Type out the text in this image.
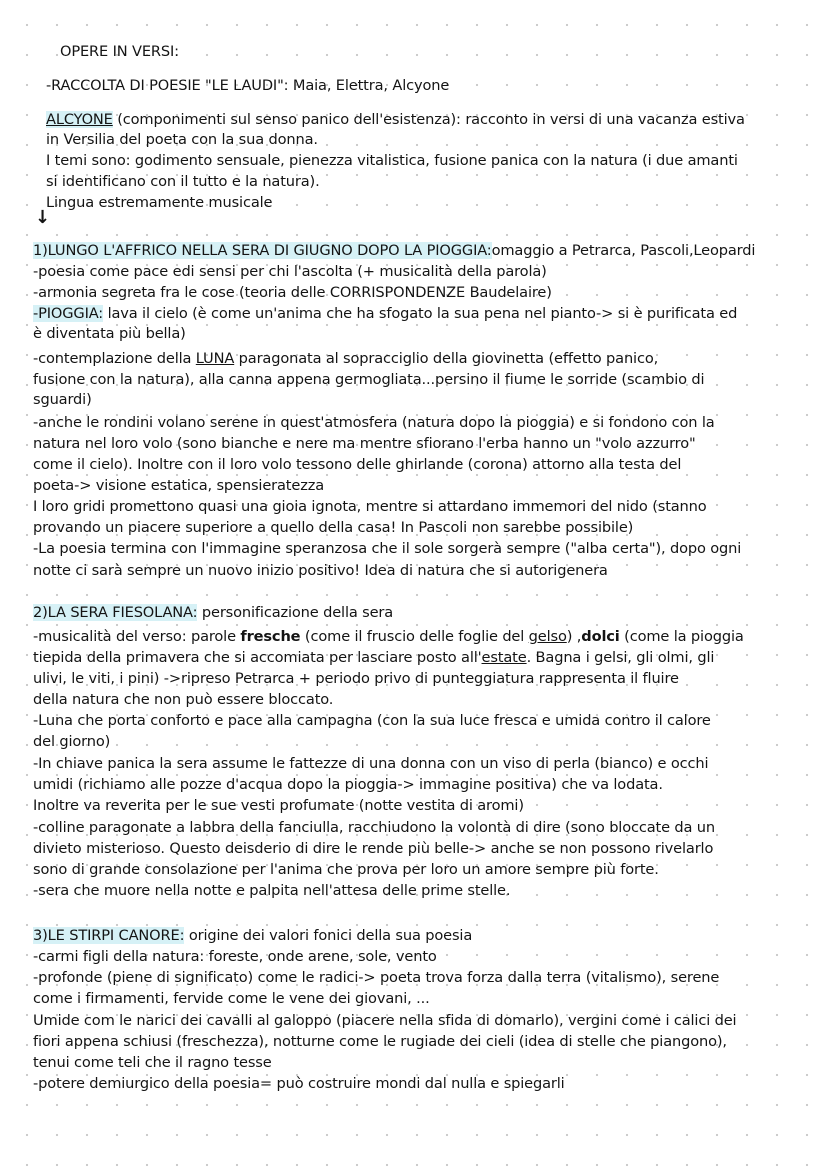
OPERE IN VERSI:

-RACCOLTA DI POESIE "LE LAUDI": Maia, Elettra, Alcyone

ALCYONE (componimenti sul senso panico dell'esistenza): racconto in versi di una vacanza estiva

in Versilia del poeta con la sua donna.

I temi sono: godimento sensuale, pienezza vitalistica, fusione panica con la natura (i due amanti

si identificano con il tutto e la natura).

Lingua estremamente musicale

↓

1)LUNGO L'AFFRICO NELLA SERA DI GIUGNO DOPO LA PIOGGIA:omaggio a Petrarca, Pascoli,Leopardi

-poesia come pace edi sensi per chi l'ascolta (+ musicalità della parola)

-armonia segreta fra le cose (teoria delle CORRISPONDENZE Baudelaire)

-PIOGGIA: lava il cielo (è come un'anima che ha sfogato la sua pena nel pianto-> si è purificata ed

è diventata più bella)

-contemplazione della LUNA paragonata al sopracciglio della giovinetta (effetto panico,

fusione con la natura), alla canna appena germogliata...persino il fiume le sorride (scambio di

sguardi)

-anche le rondini volano serene in quest'atmosfera (natura dopo la pioggia) e si fondono con la

natura nel loro volo (sono bianche e nere ma mentre sfiorano l'erba hanno un "volo azzurro"

come il cielo). Inoltre con il loro volo tessono delle ghirlande (corona) attorno alla testa del

poeta-> visione estatica, spensieratezza

I loro gridi promettono quasi una gioia ignota, mentre si attardano immemori del nido (stanno

provando un piacere superiore a quello della casa! In Pascoli non sarebbe possibile)

-La poesia termina con l'immagine speranzosa che il sole sorgerà sempre ("alba certa"), dopo ogni

notte ci sarà sempre un nuovo inizio positivo! Idea di natura che si autorigenera

2)LA SERA FIESOLANA: personificazione della sera

-musicalità del verso: parole fresche (come il fruscio delle foglie del gelso) ,dolci (come la pioggia

tiepida della primavera che si accomiata per lasciare posto all'estate. Bagna i gelsi, gli olmi, gli

ulivi, le viti, i pini) ->ripreso Petrarca + periodo privo di punteggiatura rappresenta il fluire

della natura che non può essere bloccato.

-Luna che porta conforto e pace alla campagna (con la sua luce fresca e umida contro il calore

del giorno)

-In chiave panica la sera assume le fattezze di una donna con un viso di perla (bianco) e occhi

umidi (richiamo alle pozze d'acqua dopo la pioggia-> immagine positiva) che va lodata.

Inoltre va reverita per le sue vesti profumate (notte vestita di aromi)

-colline paragonate a labbra della fanciulla, racchiudono la volontà di dire (sono bloccate da un

divieto misterioso. Questo deisderio di dire le rende più belle-> anche se non possono rivelarlo

sono di grande consolazione per l'anima che prova per loro un amore sempre più forte.

-sera che muore nella notte e palpita nell'attesa delle prime stelle.

3)LE STIRPI CANORE: origine dei valori fonici della sua poesia

-carmi figli della natura: foreste, onde arene, sole, vento

-profonde (piene di significato) come le radici-> poeta trova forza dalla terra (vitalismo), serene

come i firmamenti, fervide come le vene dei giovani, ...

Umide com le narici dei cavalli al galoppo (piacere nella sfida di domarlo), vergini come i calici dei

fiori appena schiusi (freschezza), notturne come le rugiade dei cieli (idea di stelle che piangono),

tenui come teli che il ragno tesse

-potere demiurgico della poesia= può costruire mondi dal nulla e spiegarli
